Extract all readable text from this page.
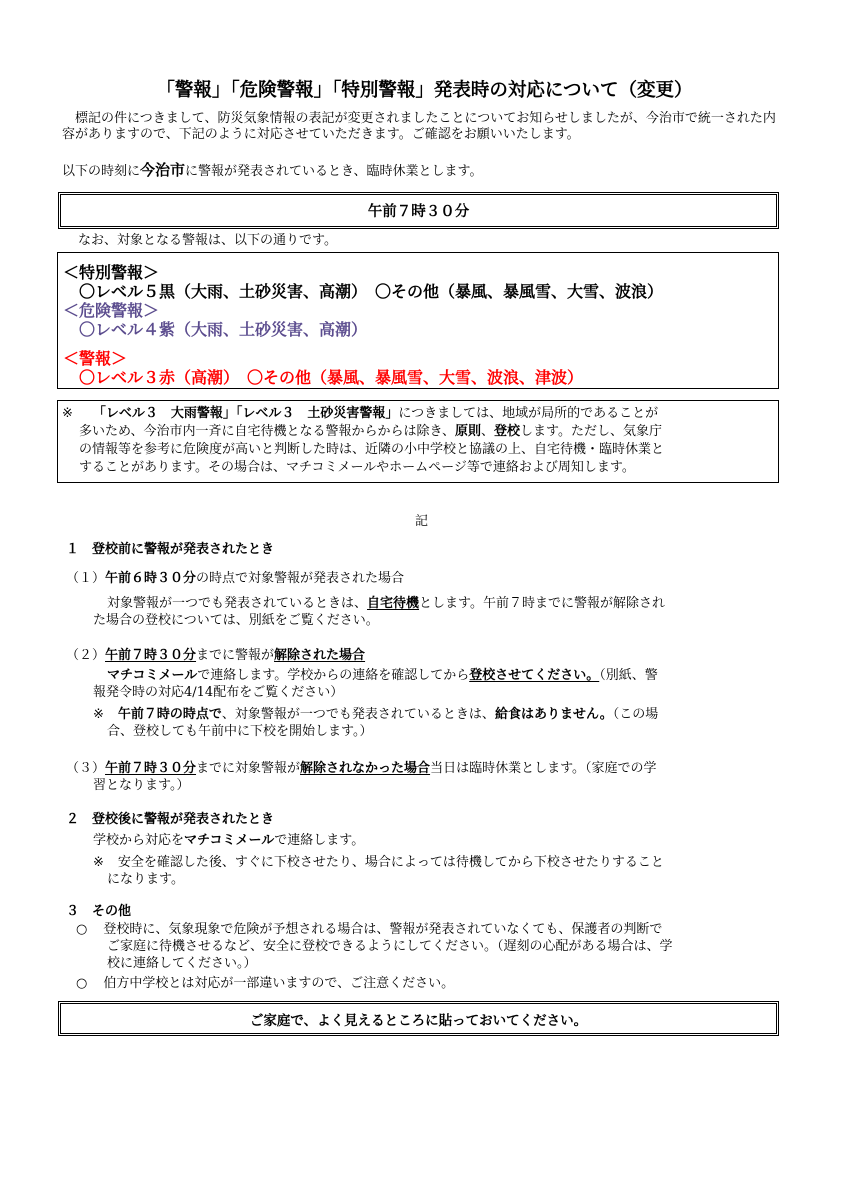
「警報」「危険警報」「特別警報」発表時の対応について（変更）
標記の件につきまして、防災気象情報の表記が変更されましたことについてお知らせしましたが、今治市で統一された内容がありますので、下記のように対応させていただきます。ご確認をお願いいたします。
以下の時刻に今治市に警報が発表されているとき、臨時休業とします。
午前７時３０分
なお、対象となる警報は、以下の通りです。
＜特別警報＞
〇レベル５黒（大雨、土砂災害、高潮）　〇その他（暴風、暴風雪、大雪、波浪）
＜危険警報＞
〇レベル４紫（大雨、土砂災害、高潮）
＜警報＞
〇レベル３赤（高潮）　〇その他（暴風、暴風雪、大雪、波浪、津波）
※ 「レベル３　大雨警報」「レベル３　土砂災害警報」につきましては、地域が局所的であることが
多いため、今治市内一斉に自宅待機となる警報からからは除き、原則、登校します。ただし、気象庁
の情報等を参考に危険度が高いと判断した時は、近隣の小中学校と協議の上、自宅待機・臨時休業と
することがあります。その場合は、マチコミメールやホームページ等で連絡および周知します。
記
１　登校前に警報が発表されたとき
（１）午前６時３０分の時点で対象警報が発表された場合
対象警報が一つでも発表されているときは、自宅待機とします。午前７時までに警報が解除され
た場合の登校については、別紙をご覧ください。
（２）午前７時３０分までに警報が解除された場合
マチコミメールで連絡します。学校からの連絡を確認してから登校させてください。（別紙、警
報発令時の対応4/14配布をご覧ください）
※ 午前７時の時点で、対象警報が一つでも発表されているときは、給食はありません。（この場
合、登校しても午前中に下校を開始します。）
（３）午前７時３０分までに対象警報が解除されなかった場合当日は臨時休業とします。（家庭での学
習となります。）
２　登校後に警報が発表されたとき
学校から対応をマチコミメールで連絡します。
※ 安全を確認した後、すぐに下校させたり、場合によっては待機してから下校させたりすること
になります。
３　その他
○ 登校時に、気象現象で危険が予想される場合は、警報が発表されていなくても、保護者の判断で
ご家庭に待機させるなど、安全に登校できるようにしてください。（遅刻の心配がある場合は、学
校に連絡してください。）
○ 伯方中学校とは対応が一部違いますので、ご注意ください。
ご家庭で、よく見えるところに貼っておいてください。
